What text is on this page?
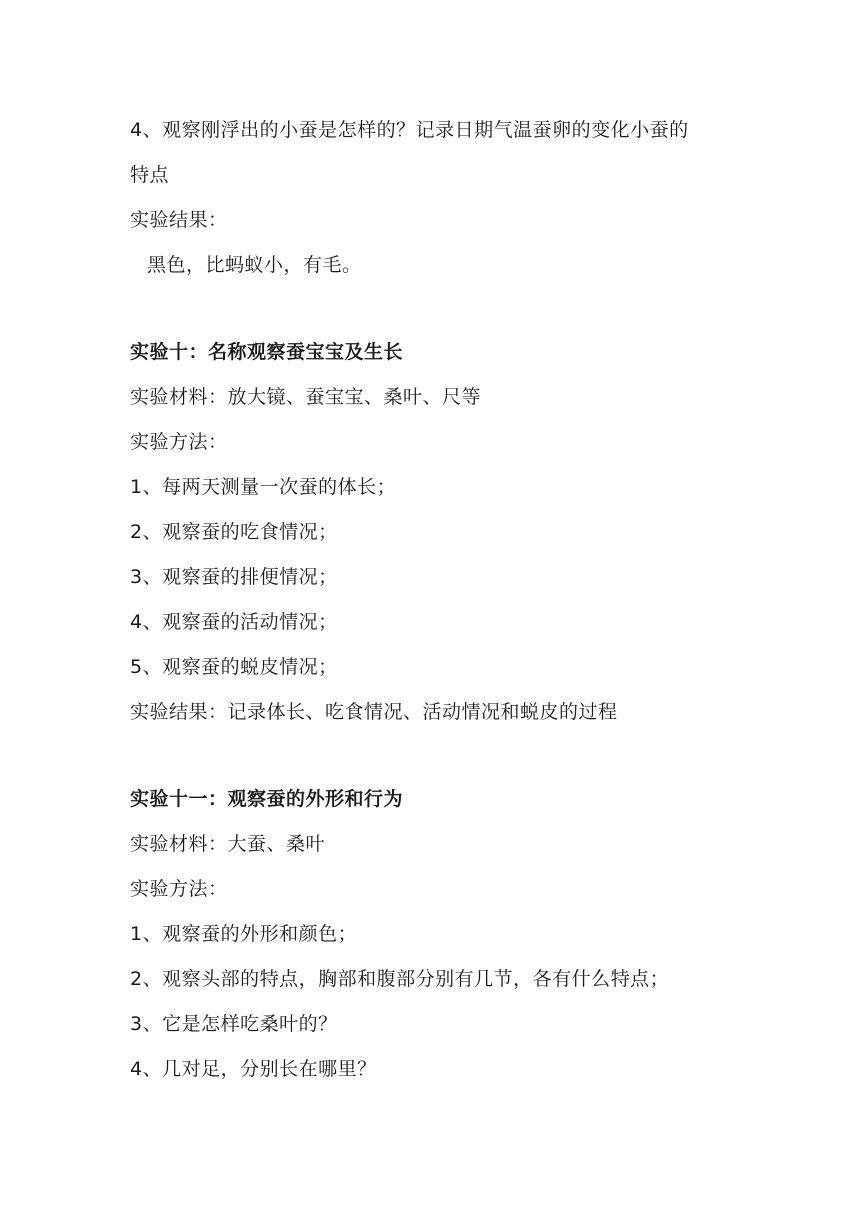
4、观察刚浮出的小蚕是怎样的？记录日期气温蚕卵的变化小蚕的
特点
实验结果：
黑色，比蚂蚁小，有毛。
实验十：名称观察蚕宝宝及生长
实验材料：放大镜、蚕宝宝、桑叶、尺等
实验方法：
1、每两天测量一次蚕的体长；
2、观察蚕的吃食情况；
3、观察蚕的排便情况；
4、观察蚕的活动情况；
5、观察蚕的蜕皮情况；
实验结果：记录体长、吃食情况、活动情况和蜕皮的过程
实验十一：观察蚕的外形和行为
实验材料：大蚕、桑叶
实验方法：
1、观察蚕的外形和颜色；
2、观察头部的特点，胸部和腹部分别有几节，各有什么特点；
3、它是怎样吃桑叶的？
4、几对足，分别长在哪里？
